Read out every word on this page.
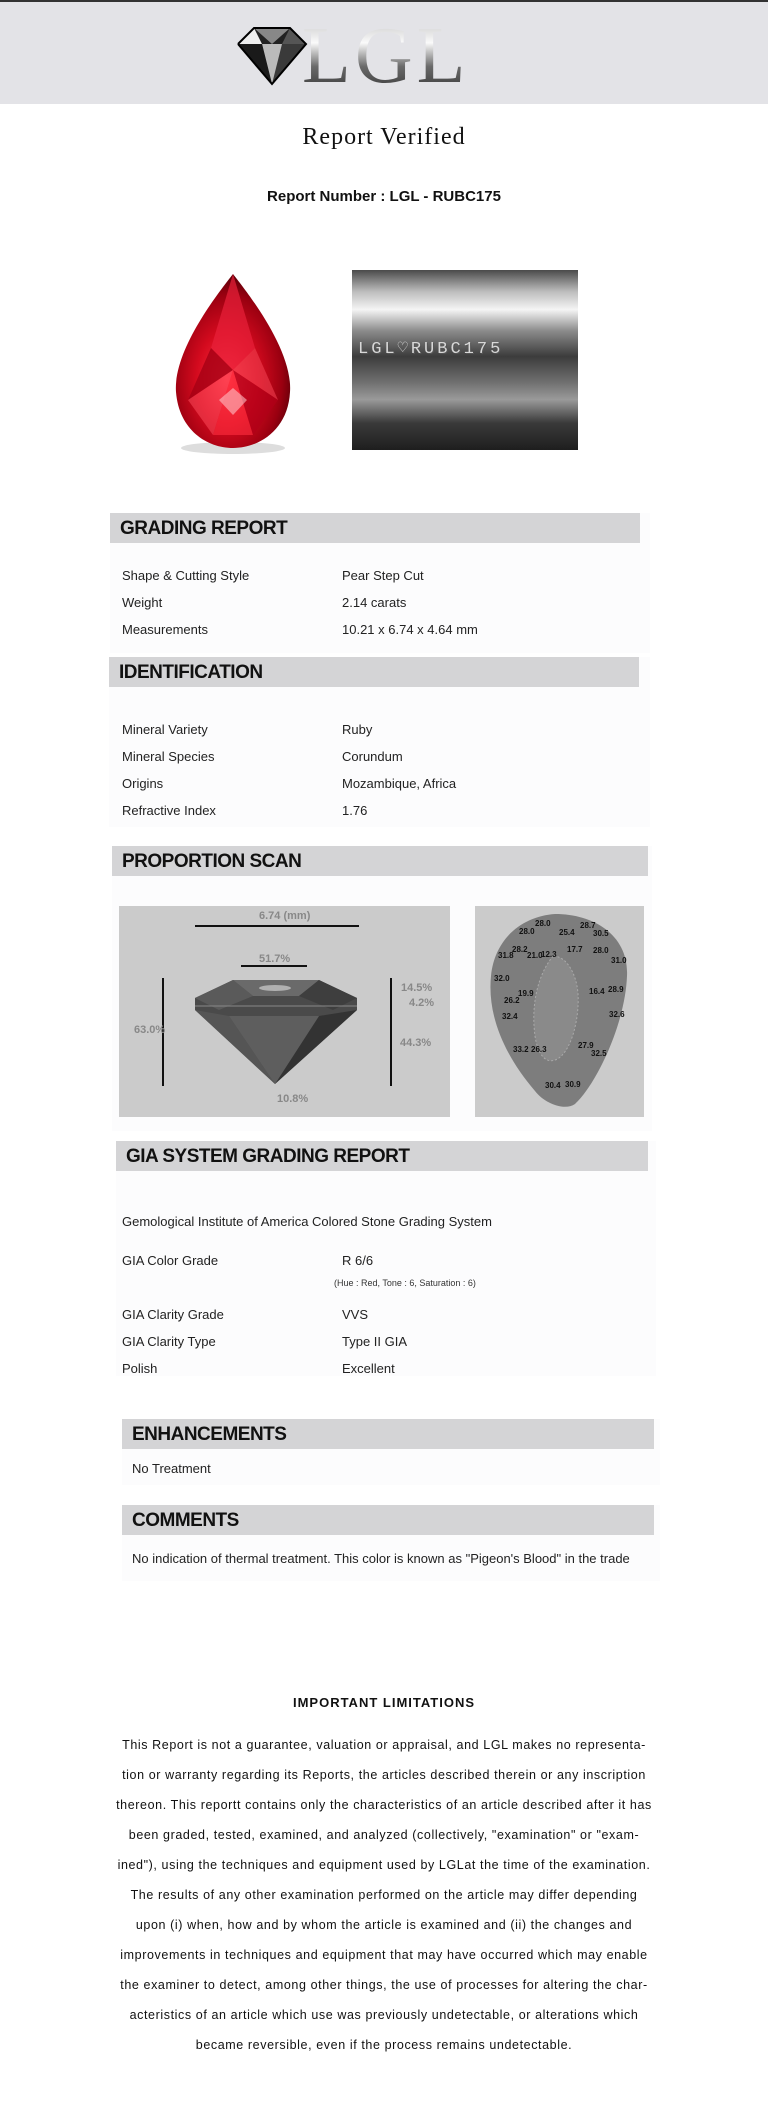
LGL
Report Verified
Report Number : LGL - RUBC175
LGL♡RUBC175
GRADING REPORT
Shape & Cutting Style	Pear Step Cut
Weight	2.14 carats
Measurements	10.21 x 6.74 x 4.64 mm
IDENTIFICATION
Mineral Variety	Ruby
Mineral Species	Corundum
Origins	Mozambique, Africa
Refractive Index	1.76
PROPORTION SCAN
6.74 (mm)
51.7%
63.0%
14.5%
4.2%
44.3%
10.8%
28.0
25.4
28.7
28.0	30.5
31.8
28.2
21.0
12.3
17.7 28.0
31.0
32.0
16.4 28.9
19.9
26.2
32.6
32.4
33.2 26.3	27.9
32.5
30.4 30.9
GIA SYSTEM GRADING REPORT
Gemological Institute of America Colored Stone Grading System
GIA Color Grade	R 6/6
(Hue : Red, Tone : 6, Saturation : 6)
GIA Clarity Grade	VVS
GIA Clarity Type	Type II GIA
Polish	Excellent
ENHANCEMENTS
No Treatment
COMMENTS
No indication of thermal treatment. This color is known as "Pigeon's Blood" in the trade
IMPORTANT LIMITATIONS
This Report is not a guarantee, valuation or appraisal, and LGL makes no representa-
tion or warranty regarding its Reports, the articles described therein or any inscription
thereon. This reportt contains only the characteristics of an article described after it has
been graded, tested, examined, and analyzed (collectively, "examination" or "exam-
ined"), using the techniques and equipment used by LGLat the time of the examination.
The results of any other examination performed on the article may differ depending
upon (i) when, how and by whom the article is examined and (ii) the changes and
improvements in techniques and equipment that may have occurred which may enable
the examiner to detect, among other things, the use of processes for altering the char-
acteristics of an article which use was previously undetectable, or alterations which
became reversible, even if the process remains undetectable.
